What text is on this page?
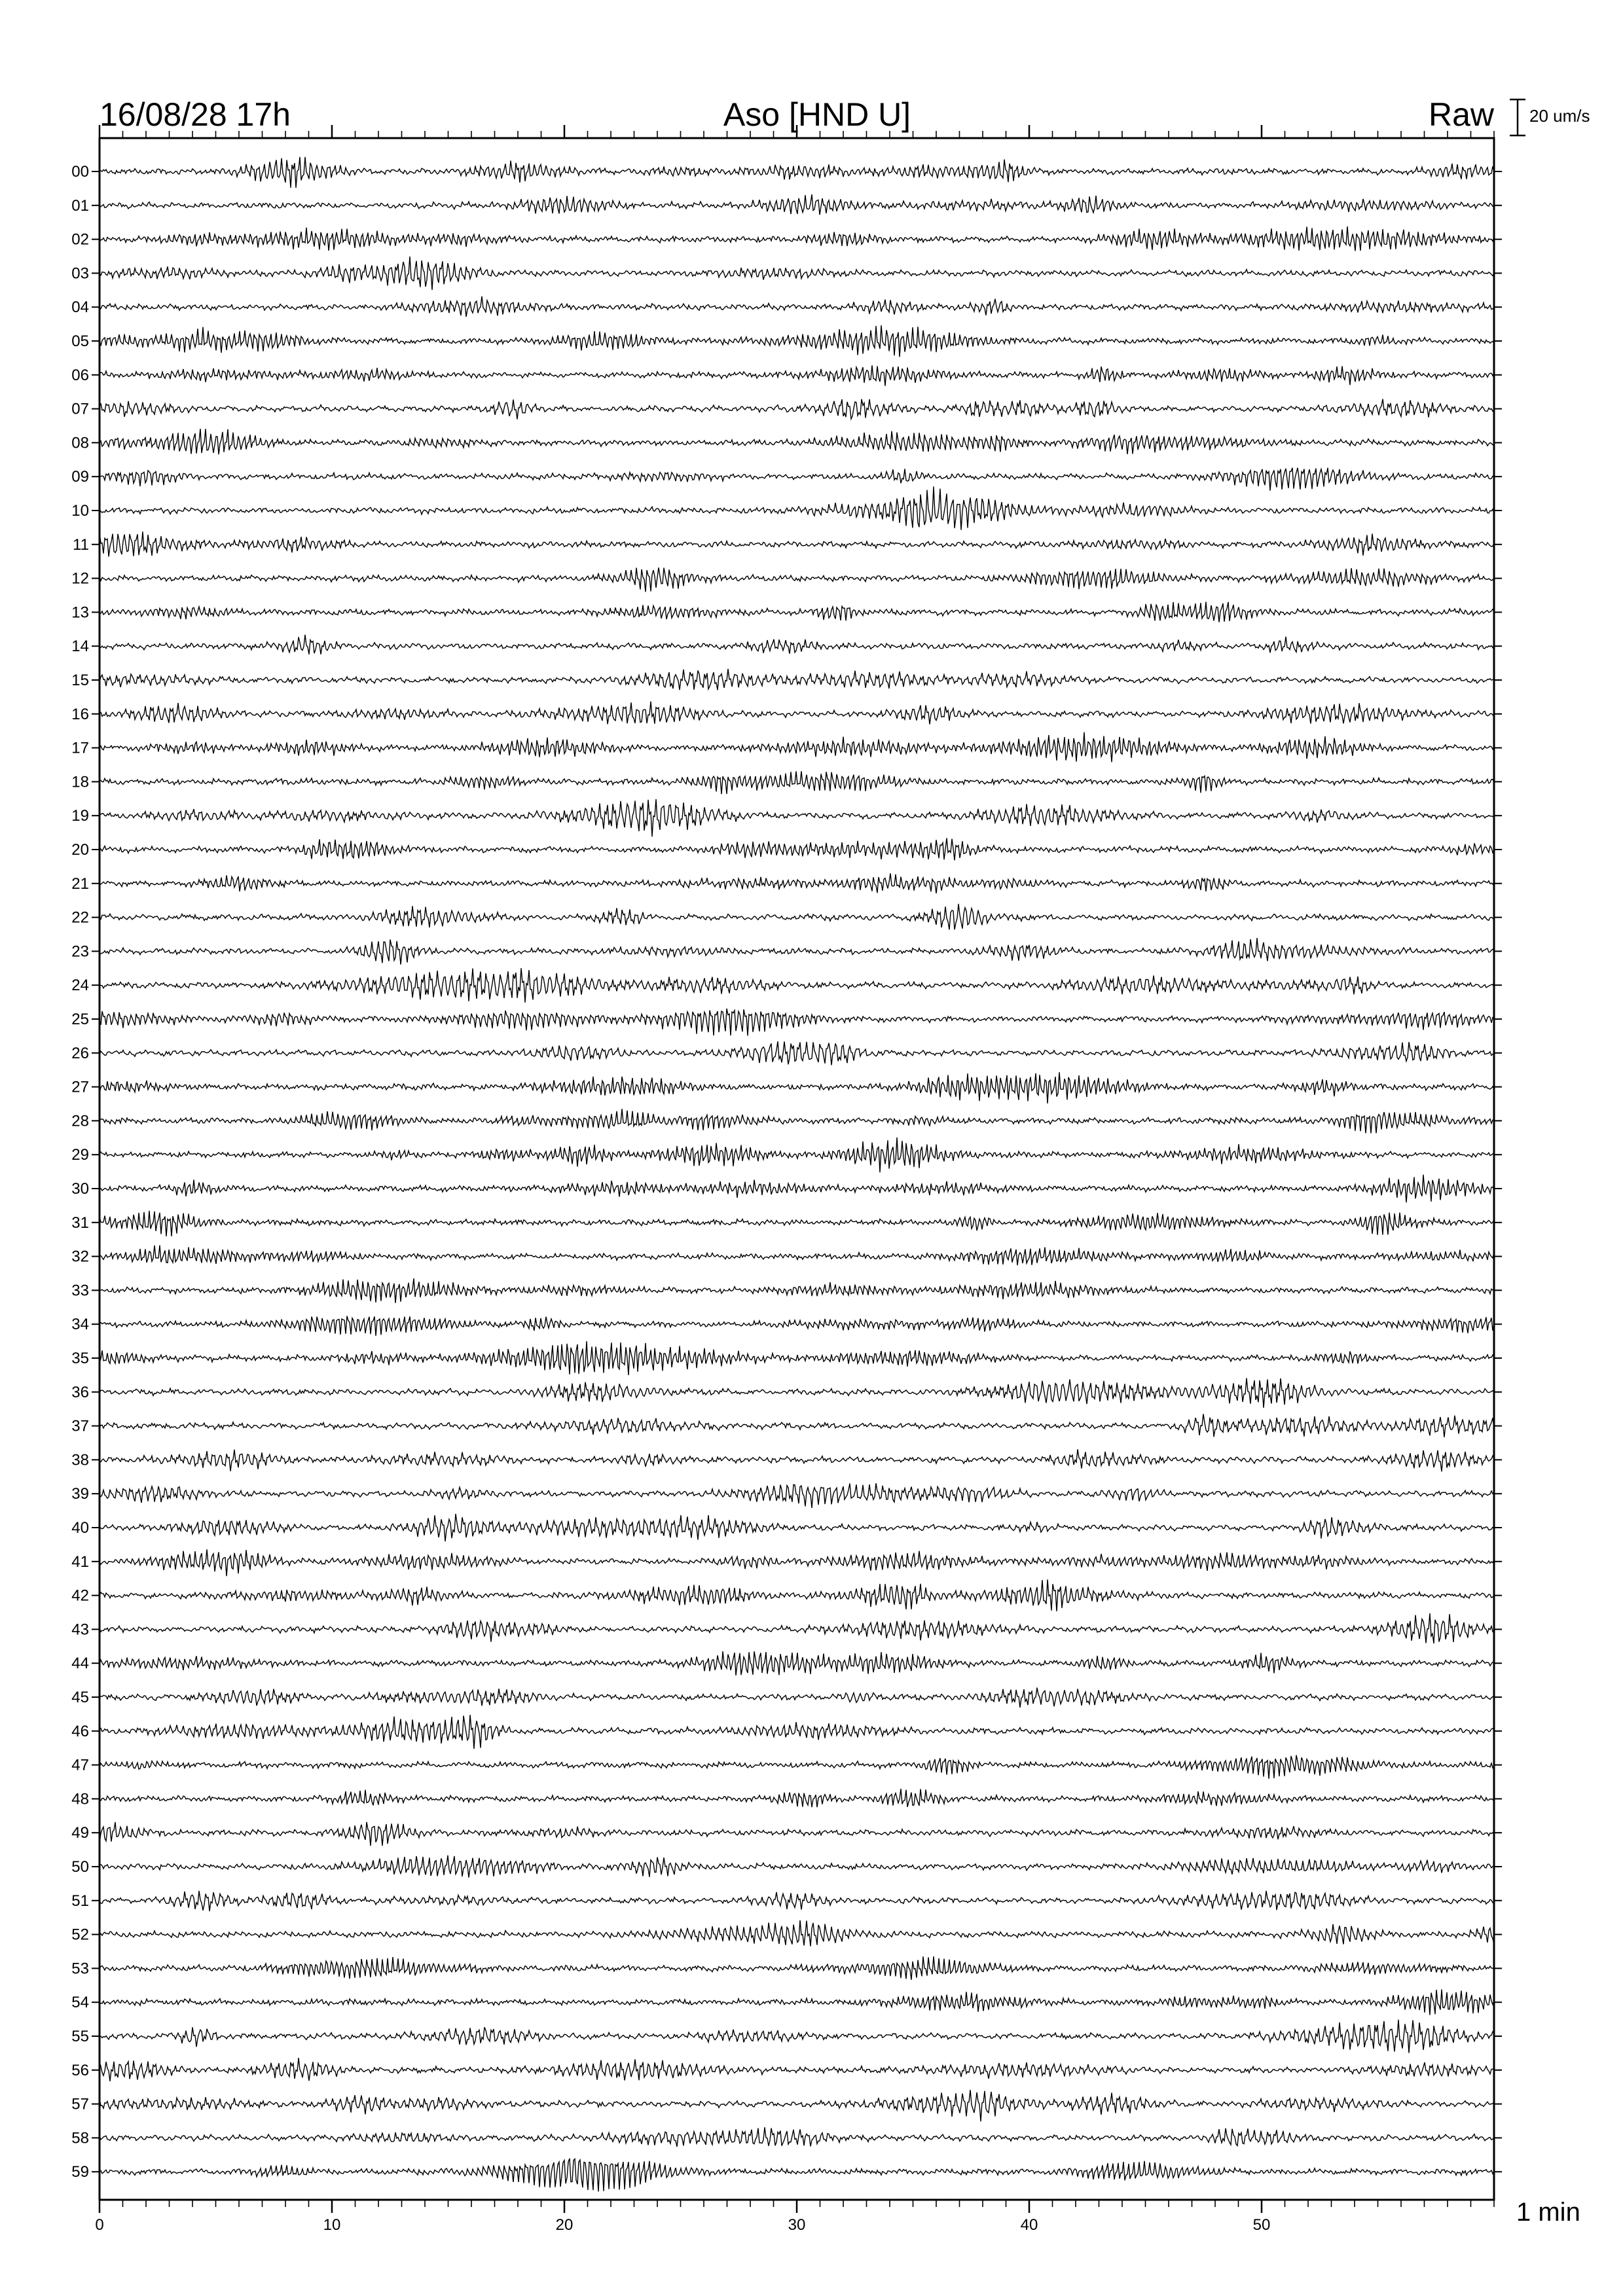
16/08/28 17h	Aso [HND U]	Raw 20 um/s
00
01
02
03
04
05
06
07
08
09
10
11
12
13
14
15
16
17
18
19
20
21
22
23
24
25
26
27
28
29
30
31
32
33
34
35
36
37
38
39
40
41
42
43
44
45
46
47
48
49
50
51
52
53
54
55
56
57
58
59
0	10	20	30	40	50	1 min
